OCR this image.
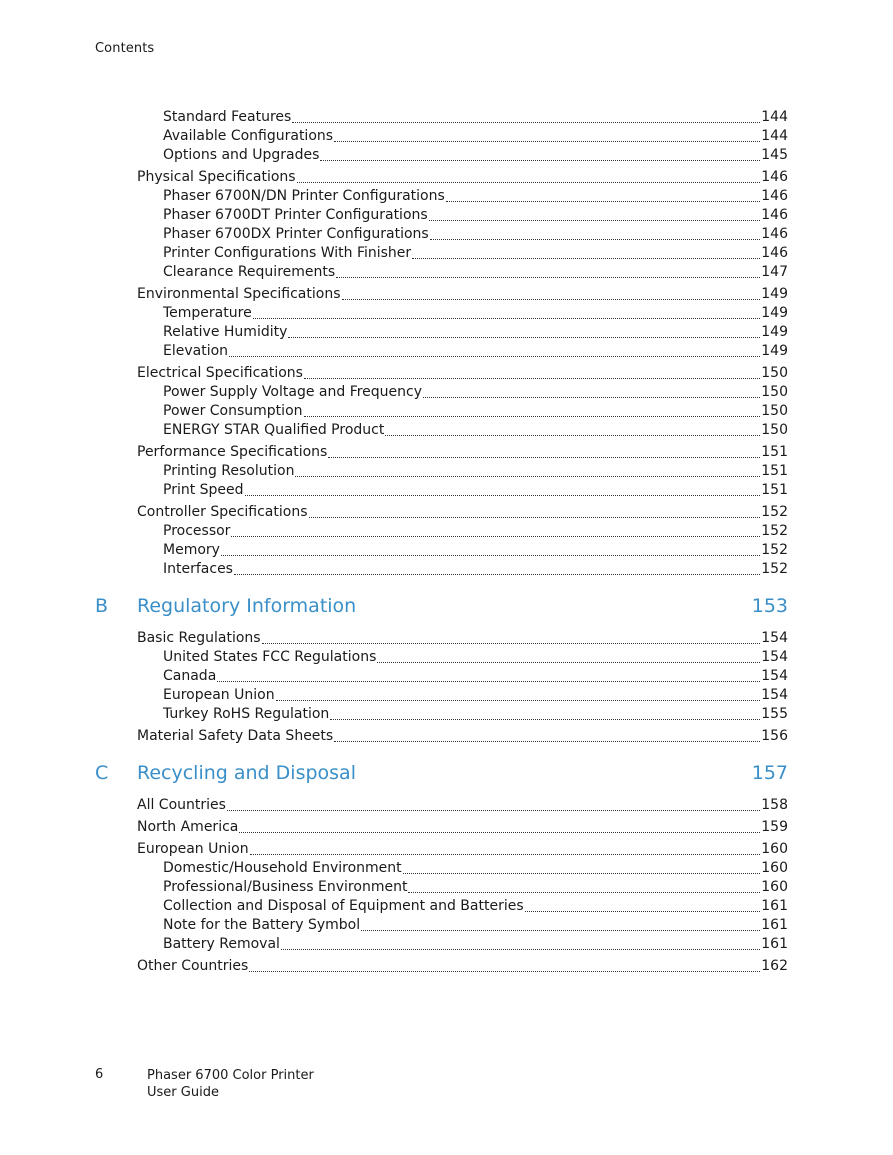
Contents
Standard Features	144
Available Configurations	144
Options and Upgrades	145
Physical Specifications	146
Phaser 6700N/DN Printer Configurations	146
Phaser 6700DT Printer Configurations	146
Phaser 6700DX Printer Configurations	146
Printer Configurations With Finisher	146
Clearance Requirements	147
Environmental Specifications	149
Temperature	149
Relative Humidity	149
Elevation	149
Electrical Specifications	150
Power Supply Voltage and Frequency	150
Power Consumption	150
ENERGY STAR Qualified Product	150
Performance Specifications	151
Printing Resolution	151
Print Speed	151
Controller Specifications	152
Processor	152
Memory	152
Interfaces	152
B	Regulatory Information	153
Basic Regulations	154
United States FCC Regulations	154
Canada	154
European Union	154
Turkey RoHS Regulation	155
Material Safety Data Sheets	156
C	Recycling and Disposal	157
All Countries	158
North America	159
European Union	160
Domestic/Household Environment	160
Professional/Business Environment	160
Collection and Disposal of Equipment and Batteries	161
Note for the Battery Symbol	161
Battery Removal	161
Other Countries	162
6	Phaser 6700 Color Printer
User Guide
